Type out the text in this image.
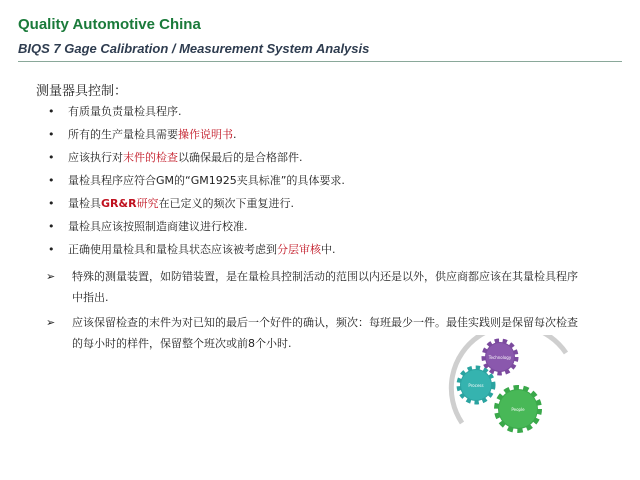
Quality Automotive China
BIQS 7 Gage Calibration / Measurement System Analysis
测量器具控制：
• 有质量负责量检具程序.
• 所有的生产量检具需要操作说明书.
• 应该执行对末件的检查以确保最后的是合格部件.
• 量检具程序应符合GM的“GM1925夹具标准”的具体要求.
• 量检具GR&R研究在已定义的频次下重复进行.
• 量检具应该按照制造商建议进行校准.
• 正确使用量检具和量检具状态应该被考虑到分层审核中.
➢ 特殊的测量装置，如防错装置，是在量检具控制活动的范围以内还是以外，供应商都应该在其量检具程序中指出.
➢ 应该保留检查的末件为对已知的最后一个好件的确认，频次：每班最少一件。最佳实践则是保留每次检查的每小时的样件，保留整个班次或前8个小时.
Technology
Process
People
